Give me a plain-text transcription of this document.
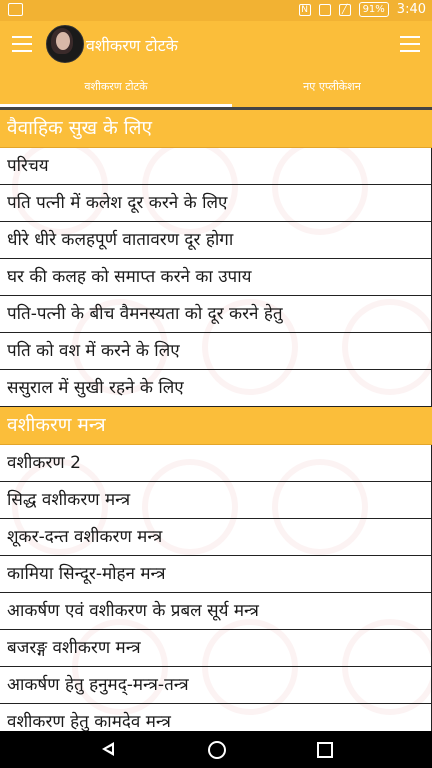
N	╱	91% 3:40
वशीकरण टोटके
वशीकरण टोटके	नए एप्लीकेशन
वैवाहिक सुख के लिए
परिचय
पति पत्नी में कलेश दूर करने के लिए
धीरे धीरे कलहपूर्ण वातावरण दूर होगा
घर की कलह को समाप्त करने का उपाय
पति-पत्नी के बीच वैमनस्यता को दूर करने हेतु
पति को वश में करने के लिए
ससुराल में सुखी रहने के लिए
वशीकरण मन्त्र
वशीकरण 2
सिद्ध वशीकरण मन्त्र
शूकर-दन्त वशीकरण मन्त्र
कामिया सिन्दूर-मोहन मन्त्र
आकर्षण एवं वशीकरण के प्रबल सूर्य मन्त्र
बजरङ्ग वशीकरण मन्त्र
आकर्षण हेतु हनुमद्-मन्त्र-तन्त्र
वशीकरण हेतु कामदेव मन्त्र
